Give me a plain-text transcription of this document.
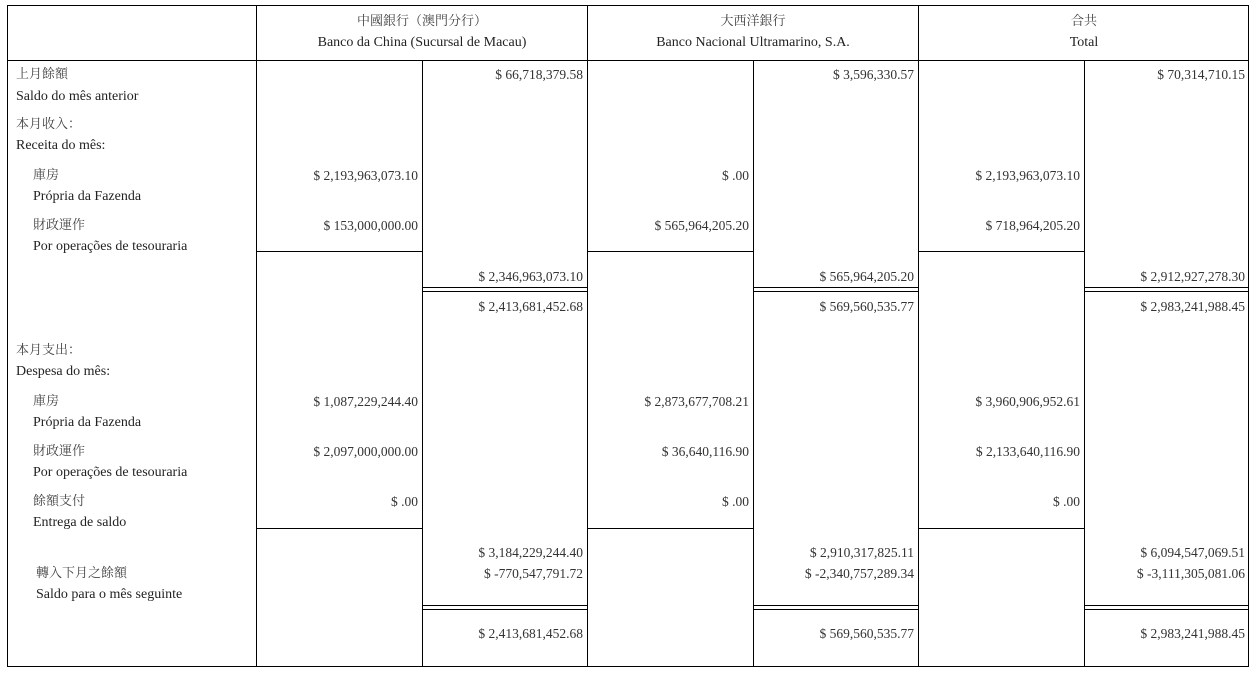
中國銀行（澳門分行）
Banco da China (Sucursal de Macau)
大西洋銀行
Banco Nacional Ultramarino, S.A.
合共
Total
上月餘額
Saldo do mês anterior
本月收入：
Receita do mês:
庫房
Própria da Fazenda
財政運作
Por operações de tesouraria
本月支出：
Despesa do mês:
庫房
Própria da Fazenda
財政運作
Por operações de tesouraria
餘額支付
Entrega de saldo
轉入下月之餘額
Saldo para o mês seguinte
$ 66,718,379.58
$ 2,193,963,073.10
$ 153,000,000.00
$ 2,346,963,073.10
$ 2,413,681,452.68
$ 1,087,229,244.40
$ 2,097,000,000.00
$ .00
$ 3,184,229,244.40
$ -770,547,791.72
$ 2,413,681,452.68
$ 3,596,330.57
$ .00
$ 565,964,205.20
$ 565,964,205.20
$ 569,560,535.77
$ 2,873,677,708.21
$ 36,640,116.90
$ .00
$ 2,910,317,825.11
$ -2,340,757,289.34
$ 569,560,535.77
$ 70,314,710.15
$ 2,193,963,073.10
$ 718,964,205.20
$ 2,912,927,278.30
$ 2,983,241,988.45
$ 3,960,906,952.61
$ 2,133,640,116.90
$ .00
$ 6,094,547,069.51
$ -3,111,305,081.06
$ 2,983,241,988.45
